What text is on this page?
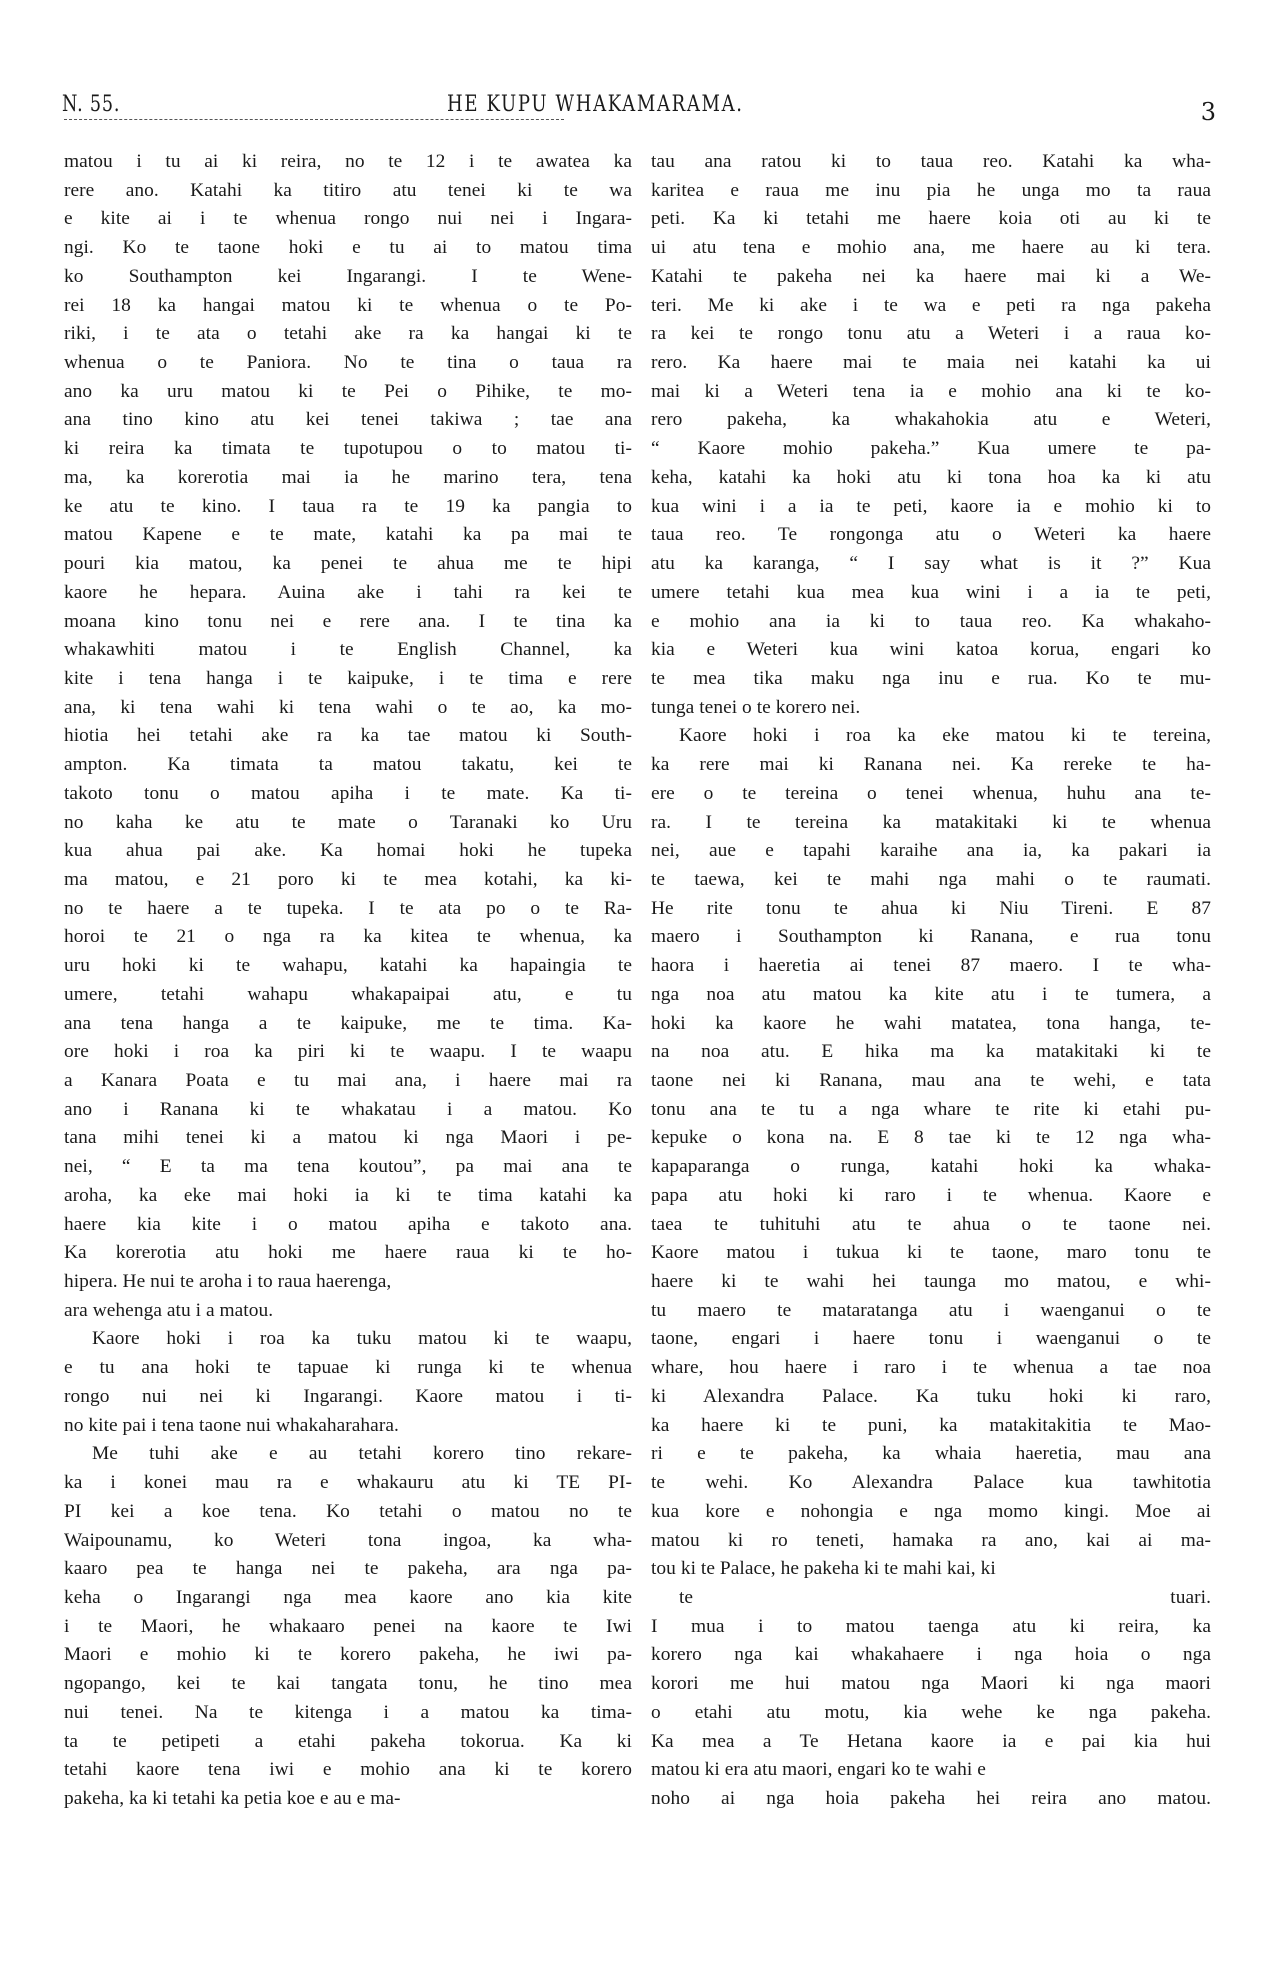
N. 55.	HE KUPU WHAKAMARAMA.	3
matou i tu ai ki reira, no te 12 i te awatea ka
rere ano. Katahi ka titiro atu tenei ki te wa
e kite ai i te whenua rongo nui nei i Ingara-
ngi. Ko te taone hoki e tu ai to matou tima
ko Southampton kei Ingarangi. I te Wene-
rei 18 ka hangai matou ki te whenua o te Po-
riki, i te ata o tetahi ake ra ka hangai ki te
whenua o te Paniora. No te tina o taua ra
ano ka uru matou ki te Pei o Pihike, te mo-
ana tino kino atu kei tenei takiwa ; tae ana
ki reira ka timata te tupotupou o to matou ti-
ma, ka korerotia mai ia he marino tera, tena
ke atu te kino. I taua ra te 19 ka pangia to
matou Kapene e te mate, katahi ka pa mai te
pouri kia matou, ka penei te ahua me te hipi
kaore he hepara. Auina ake i tahi ra kei te
moana kino tonu nei e rere ana. I te tina ka
whakawhiti matou i te English Channel, ka
kite i tena hanga i te kaipuke, i te tima e rere
ana, ki tena wahi ki tena wahi o te ao, ka mo-
hiotia hei tetahi ake ra ka tae matou ki South-
ampton. Ka timata ta matou takatu, kei te
takoto tonu o matou apiha i te mate. Ka ti-
no kaha ke atu te mate o Taranaki ko Uru
kua ahua pai ake. Ka homai hoki he tupeka
ma matou, e 21 poro ki te mea kotahi, ka ki-
no te haere a te tupeka. I te ata po o te Ra-
horoi te 21 o nga ra ka kitea te whenua, ka
uru hoki ki te wahapu, katahi ka hapaingia te
umere, tetahi wahapu whakapaipai atu, e tu
ana tena hanga a te kaipuke, me te tima. Ka-
ore hoki i roa ka piri ki te waapu. I te waapu
a Kanara Poata e tu mai ana, i haere mai ra
ano i Ranana ki te whakatau i a matou. Ko
tana mihi tenei ki a matou ki nga Maori i pe-
nei, “ E ta ma tena koutou”, pa mai ana te
aroha, ka eke mai hoki ia ki te tima katahi ka
haere kia kite i o matou apiha e takoto ana.
Ka korerotia atu hoki me haere raua ki te ho-
hipera. He nui te aroha i to raua haerenga,
ara wehenga atu i a matou.
Kaore hoki i roa ka tuku matou ki te waapu,
e tu ana hoki te tapuae ki runga ki te whenua
rongo nui nei ki Ingarangi. Kaore matou i ti-
no kite pai i tena taone nui whakaharahara.
Me tuhi ake e au tetahi korero tino rekare-
ka i konei mau ra e whakauru atu ki TE PI-
PI kei a koe tena. Ko tetahi o matou no te
Waipounamu, ko Weteri tona ingoa, ka wha-
kaaro pea te hanga nei te pakeha, ara nga pa-
keha o Ingarangi nga mea kaore ano kia kite
i te Maori, he whakaaro penei na kaore te Iwi
Maori e mohio ki te korero pakeha, he iwi pa-
ngopango, kei te kai tangata tonu, he tino mea
nui tenei. Na te kitenga i a matou ka tima-
ta te petipeti a etahi pakeha tokorua. Ka ki
tetahi kaore tena iwi e mohio ana ki te korero
pakeha, ka ki tetahi ka petia koe e au e ma-
tau ana ratou ki to taua reo. Katahi ka wha-
karitea e raua me inu pia he unga mo ta raua
peti. Ka ki tetahi me haere koia oti au ki te
ui atu tena e mohio ana, me haere au ki tera.
Katahi te pakeha nei ka haere mai ki a We-
teri. Me ki ake i te wa e peti ra nga pakeha
ra kei te rongo tonu atu a Weteri i a raua ko-
rero. Ka haere mai te maia nei katahi ka ui
mai ki a Weteri tena ia e mohio ana ki te ko-
rero pakeha, ka whakahokia atu e Weteri,
“ Kaore mohio pakeha.” Kua umere te pa-
keha, katahi ka hoki atu ki tona hoa ka ki atu
kua wini i a ia te peti, kaore ia e mohio ki to
taua reo. Te rongonga atu o Weteri ka haere
atu ka karanga, “ I say what is it ?” Kua
umere tetahi kua mea kua wini i a ia te peti,
e mohio ana ia ki to taua reo. Ka whakaho-
kia e Weteri kua wini katoa korua, engari ko
te mea tika maku nga inu e rua. Ko te mu-
tunga tenei o te korero nei.
Kaore hoki i roa ka eke matou ki te tereina,
ka rere mai ki Ranana nei. Ka rereke te ha-
ere o te tereina o tenei whenua, huhu ana te-
ra. I te tereina ka matakitaki ki te whenua
nei, aue e tapahi karaihe ana ia, ka pakari ia
te taewa, kei te mahi nga mahi o te raumati.
He rite tonu te ahua ki Niu Tireni. E 87
maero i Southampton ki Ranana, e rua tonu
haora i haeretia ai tenei 87 maero. I te wha-
nga noa atu matou ka kite atu i te tumera, a
hoki ka kaore he wahi matatea, tona hanga, te-
na noa atu. E hika ma ka matakitaki ki te
taone nei ki Ranana, mau ana te wehi, e tata
tonu ana te tu a nga whare te rite ki etahi pu-
kepuke o kona na. E 8 tae ki te 12 nga wha-
kapaparanga o runga, katahi hoki ka whaka-
papa atu hoki ki raro i te whenua. Kaore e
taea te tuhituhi atu te ahua o te taone nei.
Kaore matou i tukua ki te taone, maro tonu te
haere ki te wahi hei taunga mo matou, e whi-
tu maero te mataratanga atu i waenganui o te
taone, engari i haere tonu i waenganui o te
whare, hou haere i raro i te whenua a tae noa
ki Alexandra Palace. Ka tuku hoki ki raro,
ka haere ki te puni, ka matakitakitia te Mao-
ri e te pakeha, ka whaia haeretia, mau ana
te wehi. Ko Alexandra Palace kua tawhitotia
kua kore e nohongia e nga momo kingi. Moe ai
matou ki ro teneti, hamaka ra ano, kai ai ma-
tou ki te Palace, he pakeha ki te mahi kai, ki
te tuari.
I mua i to matou taenga atu ki reira, ka
korero nga kai whakahaere i nga hoia o nga
korori me hui matou nga Maori ki nga maori
o etahi atu motu, kia wehe ke nga pakeha.
Ka mea a Te Hetana kaore ia e pai kia hui
matou ki era atu maori, engari ko te wahi e
noho ai nga hoia pakeha hei reira ano matou.
